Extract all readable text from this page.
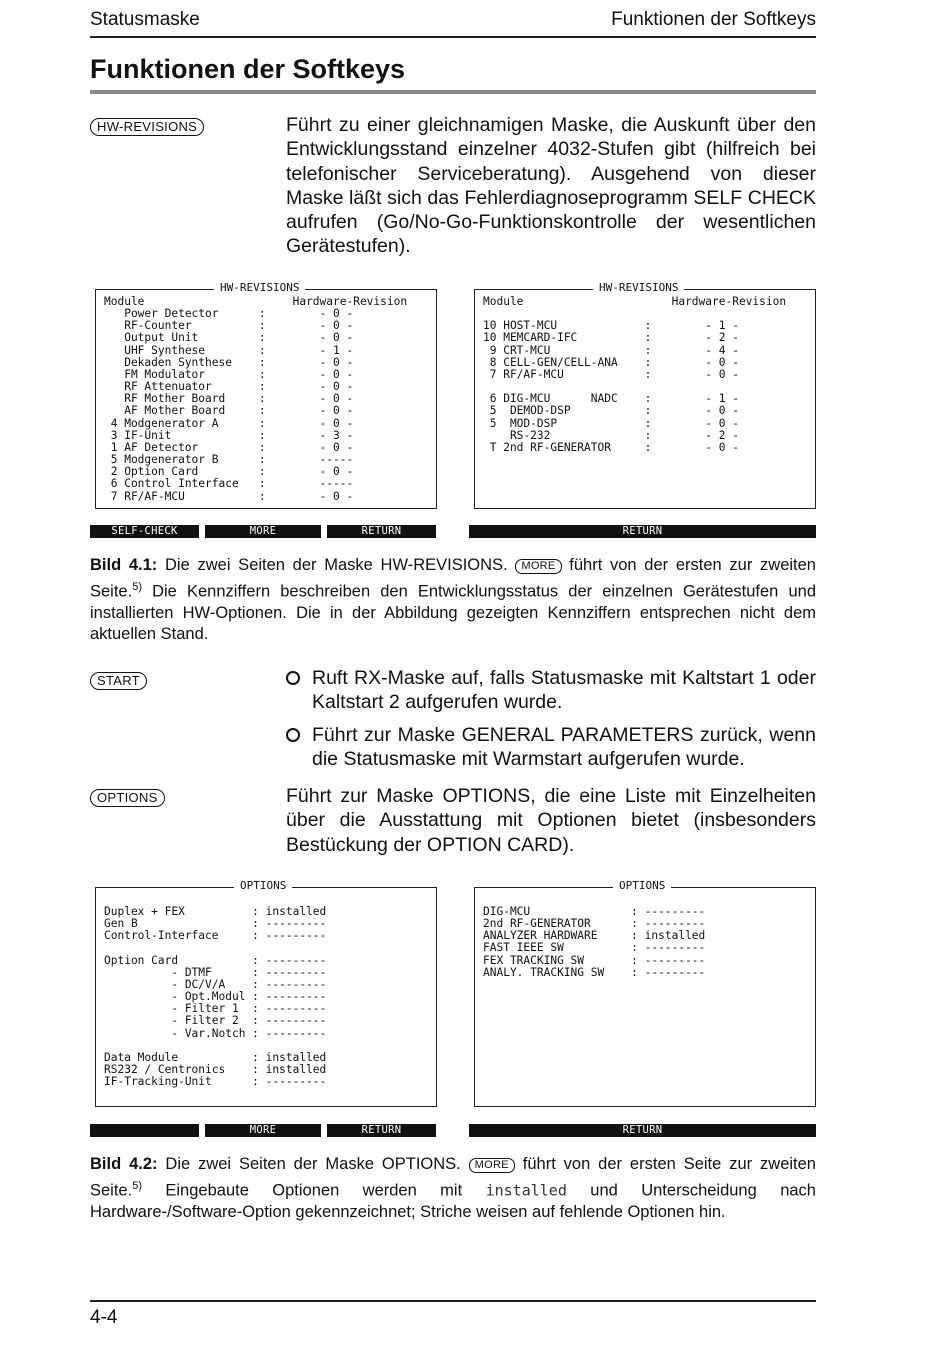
Statusmaske	Funktionen der Softkeys
Funktionen der Softkeys
HW-REVISIONS	Führt zu einer gleichnamigen Maske, die Auskunft über den Entwicklungsstand einzelner 4032-Stufen gibt (hilfreich bei telefonischer Serviceberatung). Ausgehend von dieser Maske läßt sich das Fehlerdiagnoseprogramm SELF CHECK aufrufen (Go/No-Go-Funktionskontrolle der wesentlichen Gerätestufen).
HW-REVISIONS
Module                      Hardware-Revision
Power Detector      :        - 0 -
RF-Counter          :        - 0 -
Output Unit         :        - 0 -
UHF Synthese        :        - 1 -
Dekaden Synthese    :        - 0 -
FM Modulator        :        - 0 -
RF Attenuator       :        - 0 -
RF Mother Board     :        - 0 -
AF Mother Board     :        - 0 -
4 Modgenerator A      :        - 0 -
3 IF-Unit             :        - 3 -
1 AF Detector         :        - 0 -
5 Modgenerator B      :        -----
2 Option Card         :        - 0 -
6 Control Interface   :        -----
7 RF/AF-MCU           :        - 0 -
HW-REVISIONS
Module                      Hardware-Revision

10 HOST-MCU             :        - 1 -
10 MEMCARD-IFC          :        - 2 -
9 CRT-MCU              :        - 4 -
8 CELL-GEN/CELL-ANA    :        - 0 -
7 RF/AF-MCU            :        - 0 -

6 DIG-MCU      NADC    :        - 1 -
5  DEMOD-DSP           :        - 0 -
5  MOD-DSP             :        - 0 -
RS-232              :        - 2 -
T 2nd RF-GENERATOR     :        - 0 -
SELF-CHECK	MORE	RETURN	RETURN
Bild 4.1: Die zwei Seiten der Maske HW-REVISIONS. MORE führt von der ersten zur zweiten Seite.$^{5)}$ Die Kennziffern beschreiben den Entwicklungsstatus der einzelnen Gerätestufen und installierten HW-Optionen. Die in der Abbildung gezeigten Kennziffern entsprechen nicht dem aktuellen Stand.
START	Ruft RX-Maske auf, falls Statusmaske mit Kaltstart 1 oder Kaltstart 2 aufgerufen wurde.
Führt zur Maske GENERAL PARAMETERS zurück, wenn die Statusmaske mit Warmstart aufgerufen wurde.
OPTIONS	Führt zur Maske OPTIONS, die eine Liste mit Einzelheiten über die Ausstattung mit Optionen bietet (insbesonders Bestückung der OPTION CARD).
OPTIONS
Duplex + FEX          : installed
Gen B                 : ---------
Control-Interface     : ---------

Option Card           : ---------
- DTMF      : ---------
- DC/V/A    : ---------
- Opt.Modul : ---------
- Filter 1  : ---------
- Filter 2  : ---------
- Var.Notch : ---------

Data Module           : installed
RS232 / Centronics    : installed
IF-Tracking-Unit      : ---------
OPTIONS
DIG-MCU               : ---------
2nd RF-GENERATOR      : ---------
ANALYZER HARDWARE     : installed
FAST IEEE SW          : ---------
FEX TRACKING SW       : ---------
ANALY. TRACKING SW    : ---------
MORE	RETURN	RETURN
Bild 4.2: Die zwei Seiten der Maske OPTIONS. MORE führt von der ersten Seite zur zweiten Seite.$^{5)}$ Eingebaute Optionen werden mit installed und Unterscheidung nach Hardware-/Software-Option gekennzeichnet; Striche weisen auf fehlende Optionen hin.
4-4
